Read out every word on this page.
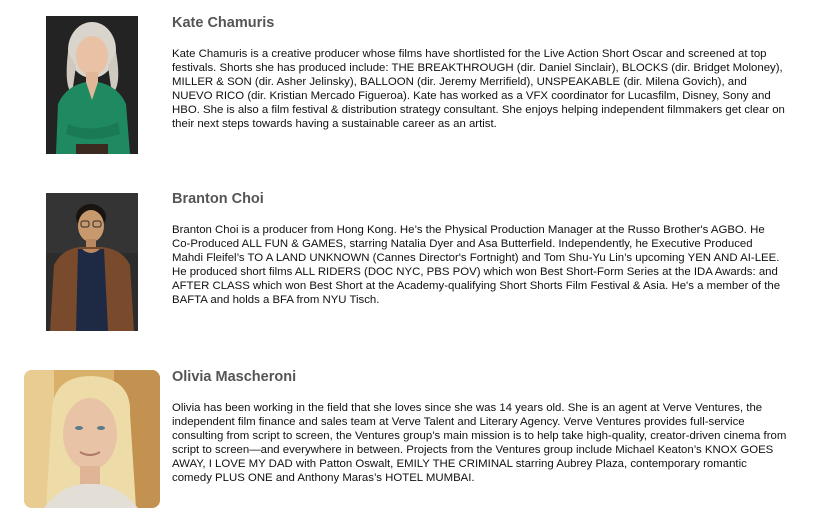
Kate Chamuris

Kate Chamuris is a creative producer whose films have shortlisted for the Live Action Short Oscar and screened at top festivals. Shorts she has produced include: THE BREAKTHROUGH (dir. Daniel Sinclair), BLOCKS (dir. Bridget Moloney), MILLER & SON (dir. Asher Jelinsky), BALLOON (dir. Jeremy Merrifield), UNSPEAKABLE (dir. Milena Govich), and NUEVO RICO (dir. Kristian Mercado Figueroa). Kate has worked as a VFX coordinator for Lucasfilm, Disney, Sony and HBO. She is also a film festival & distribution strategy consultant. She enjoys helping independent filmmakers get clear on their next steps towards having a sustainable career as an artist.

Branton Choi

Branton Choi is a producer from Hong Kong. He’s the Physical Production Manager at the Russo Brother's AGBO. He Co-Produced ALL FUN & GAMES, starring Natalia Dyer and Asa Butterfield. Independently, he Executive Produced Mahdi Fleifel’s TO A LAND UNKNOWN (Cannes Director's Fortnight) and Tom Shu-Yu Lin’s upcoming YEN AND AI-LEE. He produced short films ALL RIDERS (DOC NYC, PBS POV) which won Best Short-Form Series at the IDA Awards: and AFTER CLASS which won Best Short at the Academy-qualifying Short Shorts Film Festival & Asia. He's a member of the BAFTA and holds a BFA from NYU Tisch.

Olivia Mascheroni

Olivia has been working in the field that she loves since she was 14 years old. She is an agent at Verve Ventures, the independent film finance and sales team at Verve Talent and Literary Agency. Verve Ventures provides full-service consulting from script to screen, the Ventures group’s main mission is to help take high-quality, creator-driven cinema from script to screen—and everywhere in between. Projects from the Ventures group include Michael Keaton’s KNOX GOES AWAY, I LOVE MY DAD with Patton Oswalt, EMILY THE CRIMINAL starring Aubrey Plaza, contemporary romantic comedy PLUS ONE and Anthony Maras’s HOTEL MUMBAI.
